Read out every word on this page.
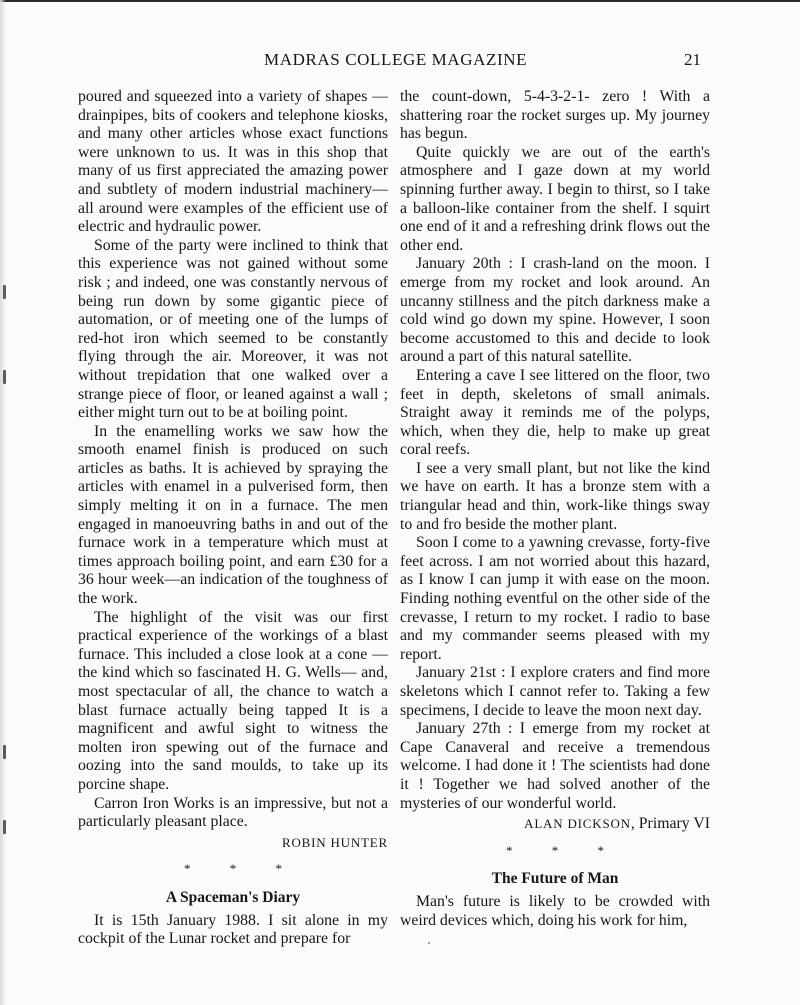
MADRAS COLLEGE MAGAZINE	21

poured and squeezed into a variety of shapes —drainpipes, bits of cookers and telephone kiosks, and many other articles whose exact functions were unknown to us. It was in this shop that many of us first appreciated the amazing power and subtlety of modern industrial machinery—all around were examples of the efficient use of electric and hydraulic power.

Some of the party were inclined to think that this experience was not gained without some risk ; and indeed, one was constantly nervous of being run down by some gigantic piece of automation, or of meeting one of the lumps of red-hot iron which seemed to be constantly flying through the air. Moreover, it was not without trepidation that one walked over a strange piece of floor, or leaned against a wall ; either might turn out to be at boiling point.

In the enamelling works we saw how the smooth enamel finish is produced on such articles as baths. It is achieved by spraying the articles with enamel in a pulverised form, then simply melting it on in a furnace. The men engaged in manoeuvring baths in and out of the furnace work in a temperature which must at times approach boiling point, and earn £30 for a 36 hour week—an indication of the toughness of the work.

The highlight of the visit was our first practical experience of the workings of a blast furnace. This included a close look at a cone —the kind which so fascinated H. G. Wells— and, most spectacular of all, the chance to watch a blast furnace actually being tapped It is a magnificent and awful sight to witness the molten iron spewing out of the furnace and oozing into the sand moulds, to take up its porcine shape.

Carron Iron Works is an impressive, but not a particularly pleasant place.

ROBIN HUNTER

* * *
A Spaceman's Diary

It is 15th January 1988. I sit alone in my cockpit of the Lunar rocket and prepare for

the count-down, 5-4-3-2-1- zero ! With a shattering roar the rocket surges up. My journey has begun.

Quite quickly we are out of the earth's atmosphere and I gaze down at my world spinning further away. I begin to thirst, so I take a balloon-like container from the shelf. I squirt one end of it and a refreshing drink flows out the other end.

January 20th : I crash-land on the moon. I emerge from my rocket and look around. An uncanny stillness and the pitch darkness make a cold wind go down my spine. However, I soon become accustomed to this and decide to look around a part of this natural satellite.

Entering a cave I see littered on the floor, two feet in depth, skeletons of small animals. Straight away it reminds me of the polyps, which, when they die, help to make up great coral reefs.

I see a very small plant, but not like the kind we have on earth. It has a bronze stem with a triangular head and thin, work-like things sway to and fro beside the mother plant.

Soon I come to a yawning crevasse, forty-five feet across. I am not worried about this hazard, as I know I can jump it with ease on the moon. Finding nothing eventful on the other side of the crevasse, I return to my rocket. I radio to base and my commander seems pleased with my report.

January 21st : I explore craters and find more skeletons which I cannot refer to. Taking a few specimens, I decide to leave the moon next day.

January 27th : I emerge from my rocket at Cape Canaveral and receive a tremendous welcome. I had done it ! The scientists had done it ! Together we had solved another of the mysteries of our wonderful world.

ALAN DICKSON, Primary VI

* * *
The Future of Man

Man's future is likely to be crowded with weird devices which, doing his work for him,
